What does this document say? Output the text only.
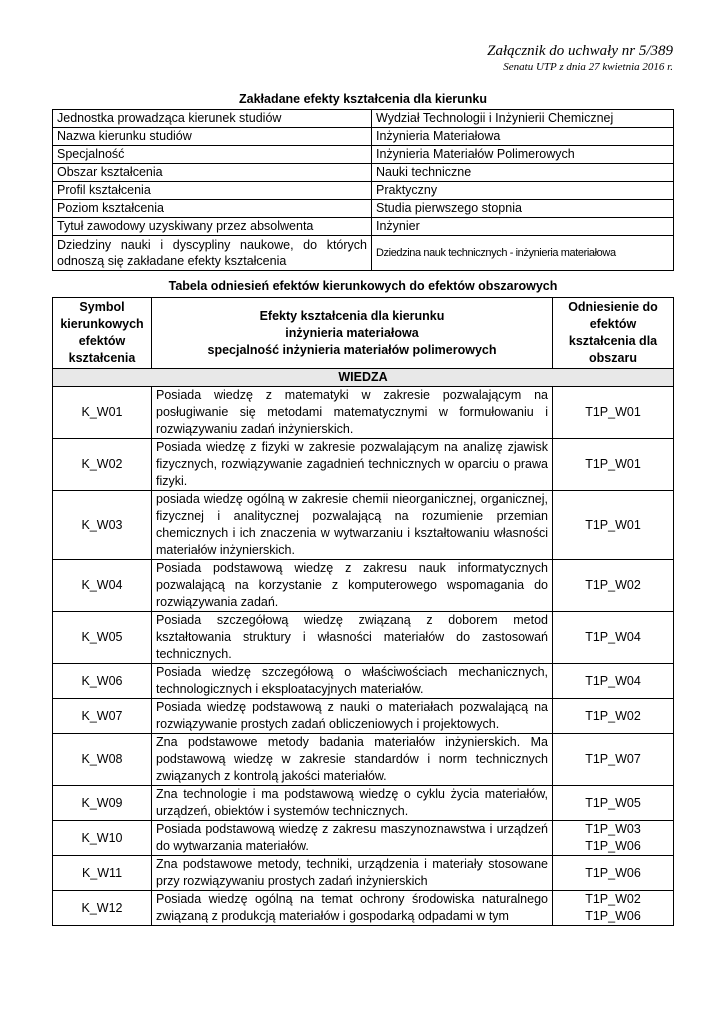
Załącznik do uchwały nr 5/389
Senatu UTP z dnia 27 kwietnia 2016 r.
Zakładane efekty kształcenia dla kierunku
Jednostka prowadząca kierunek studiów	Wydział Technologii i Inżynierii Chemicznej
Nazwa kierunku studiów	Inżynieria Materiałowa
Specjalność	Inżynieria Materiałów Polimerowych
Obszar kształcenia	Nauki techniczne
Profil kształcenia	Praktyczny
Poziom kształcenia	Studia pierwszego stopnia
Tytuł zawodowy uzyskiwany przez absolwenta	Inżynier
Dziedziny nauki i dyscypliny naukowe, do których odnoszą się zakładane efekty kształcenia	Dziedzina nauk technicznych - inżynieria materiałowa
Tabela odniesień efektów kierunkowych do efektów obszarowych
Symbol kierunkowych efektów kształcenia	Efekty kształcenia dla kierunku
inżynieria materiałowa
specjalność inżynieria materiałów polimerowych	Odniesienie do efektów kształcenia dla obszaru
WIEDZA		
K_W01	Posiada wiedzę z matematyki w zakresie pozwalającym na posługiwanie się metodami matematycznymi w formułowaniu i rozwiązywaniu zadań inżynierskich.	T1P_W01
K_W02	Posiada wiedzę z fizyki w zakresie pozwalającym na analizę zjawisk fizycznych, rozwiązywanie zagadnień technicznych w oparciu o prawa fizyki.	T1P_W01
K_W03	posiada wiedzę ogólną w zakresie chemii nieorganicznej, organicznej, fizycznej i analitycznej pozwalającą na rozumienie przemian chemicznych i ich znaczenia w wytwarzaniu i kształtowaniu własności materiałów inżynierskich.	T1P_W01
K_W04	Posiada podstawową wiedzę z zakresu nauk informatycznych pozwalającą na korzystanie z komputerowego wspomagania do rozwiązywania zadań.	T1P_W02
K_W05	Posiada szczegółową wiedzę związaną z doborem metod kształtowania struktury i własności materiałów do zastosowań technicznych.	T1P_W04
K_W06	Posiada wiedzę szczegółową o właściwościach mechanicznych, technologicznych i eksploatacyjnych materiałów.	T1P_W04
K_W07	Posiada wiedzę podstawową z nauki o materiałach pozwalającą na rozwiązywanie prostych zadań obliczeniowych i projektowych.	T1P_W02
K_W08	Zna podstawowe metody badania materiałów inżynierskich. Ma podstawową wiedzę w zakresie standardów i norm technicznych związanych z kontrolą jakości materiałów.	T1P_W07
K_W09	Zna technologie i ma podstawową wiedzę o cyklu życia materiałów, urządzeń, obiektów i systemów technicznych.	T1P_W05
K_W10	Posiada podstawową wiedzę z zakresu maszynoznawstwa i urządzeń do wytwarzania materiałów.	T1P_W03
T1P_W06

K_W11	Zna podstawowe metody, techniki, urządzenia i materiały stosowane przy rozwiązywaniu prostych zadań inżynierskich	T1P_W06
K_W12	Posiada wiedzę ogólną na temat ochrony środowiska naturalnego związaną z produkcją materiałów i gospodarką odpadami w tym	T1P_W02
T1P_W06
